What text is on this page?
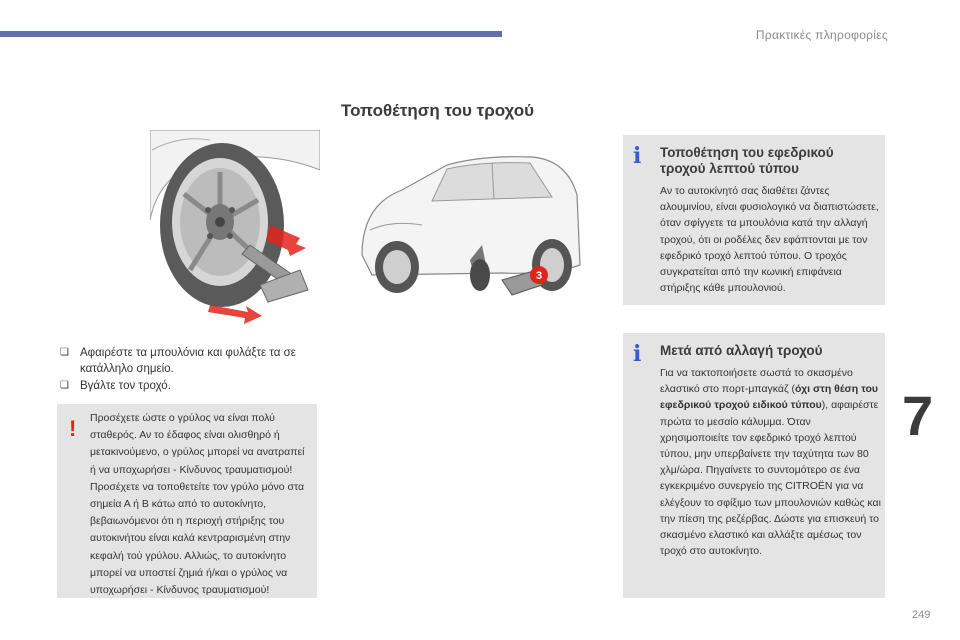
Πρακτικές πληροφορίες
Τοποθέτηση του τροχού
3
❏ Αφαιρέστε τα μπουλόνια και φυλάξτε τα σε κατάλληλο σημείο.
❏ Βγάλτε τον τροχό.
! Προσέχετε ώστε ο γρύλος να είναι πολύ σταθερός. Αν το έδαφος είναι ολισθηρό ή μετακινούμενο, ο γρύλος μπορεί να ανατραπεί ή να υποχωρήσει - Κίνδυνος τραυματισμού! Προσέχετε να τοποθετείτε τον γρύλο μόνο στα σημεία Α ή Β κάτω από το αυτοκίνητο, βεβαιωνόμενοι ότι η περιοχή στήριξης του αυτοκινήτου είναι καλά κεντραρισμένη στην κεφαλή τού γρύλου. Αλλιώς, το αυτοκίνητο μπορεί να υποστεί ζημιά ή/και ο γρύλος να υποχωρήσει - Κίνδυνος τραυματισμού!
i Τοποθέτηση του εφεδρικού τροχού λεπτού τύπου
Αν το αυτοκίνητό σας διαθέτει ζάντες αλουμινίου, είναι φυσιολογικό να διαπιστώσετε, όταν σφίγγετε τα μπουλόνια κατά την αλλαγή τροχού, ότι οι ροδέλες δεν εφάπτονται με τον εφεδρικό τροχό λεπτού τύπου. Ο τροχός συγκρατείται από την κωνική επιφάνεια στήριξης κάθε μπουλονιού.
i Μετά από αλλαγή τροχού
Για να τακτοποιήσετε σωστά το σκασμένο ελαστικό στο πορτ-μπαγκάζ (όχι στη θέση του εφεδρικού τροχού ειδικού τύπου), αφαιρέστε πρώτα το μεσαίο κάλυμμα. Όταν χρησιμοποιείτε τον εφεδρικό τροχό λεπτού τύπου, μην υπερβαίνετε την ταχύτητα των 80 χλμ/ώρα. Πηγαίνετε το συντομότερο σε ένα εγκεκριμένο συνεργείο της CITROËN για να ελέγξουν το σφίξιμο των μπουλονιών καθώς και την πίεση της ρεζέρβας. Δώστε για επισκευή το σκασμένο ελαστικό και αλλάξτε αμέσως τον τροχό στο αυτοκίνητο.
7
249
